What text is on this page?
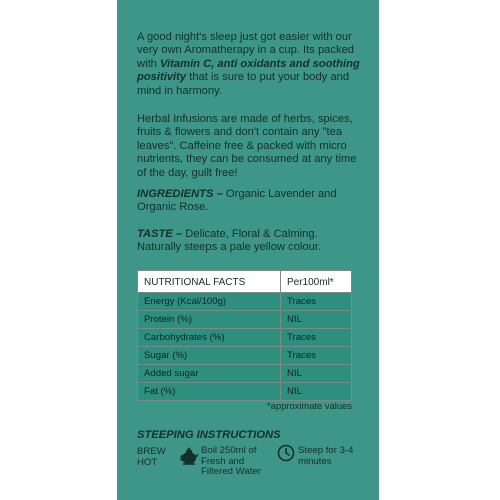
A good night's sleep just got easier with our very own Aromatherapy in a cup. Its packed with Vitamin C, anti oxidants and soothing positivity that is sure to put your body and mind in harmony.
Herbal Infusions are made of herbs, spices, fruits & flowers and don't contain any "tea leaves". Caffeine free & packed with micro nutrients, they can be consumed at any time of the day, guilt free!
INGREDIENTS – Organic Lavender and Organic Rose.
TASTE – Delicate, Floral & Calming. Naturally steeps a pale yellow colour.
NUTRITIONAL FACTS	Per100ml*
Energy (Kcal/100g)	Traces
Protein (%)	NIL
Carbohydrates (%)	Traces
Sugar (%)	Traces
Added sugar	NIL
Fat (%)	NIL
*approximate values
STEEPING INSTRUCTIONS
BREW HOT
Boil 250ml of Fresh and Filtered Water
Steep for 3-4 minutes
